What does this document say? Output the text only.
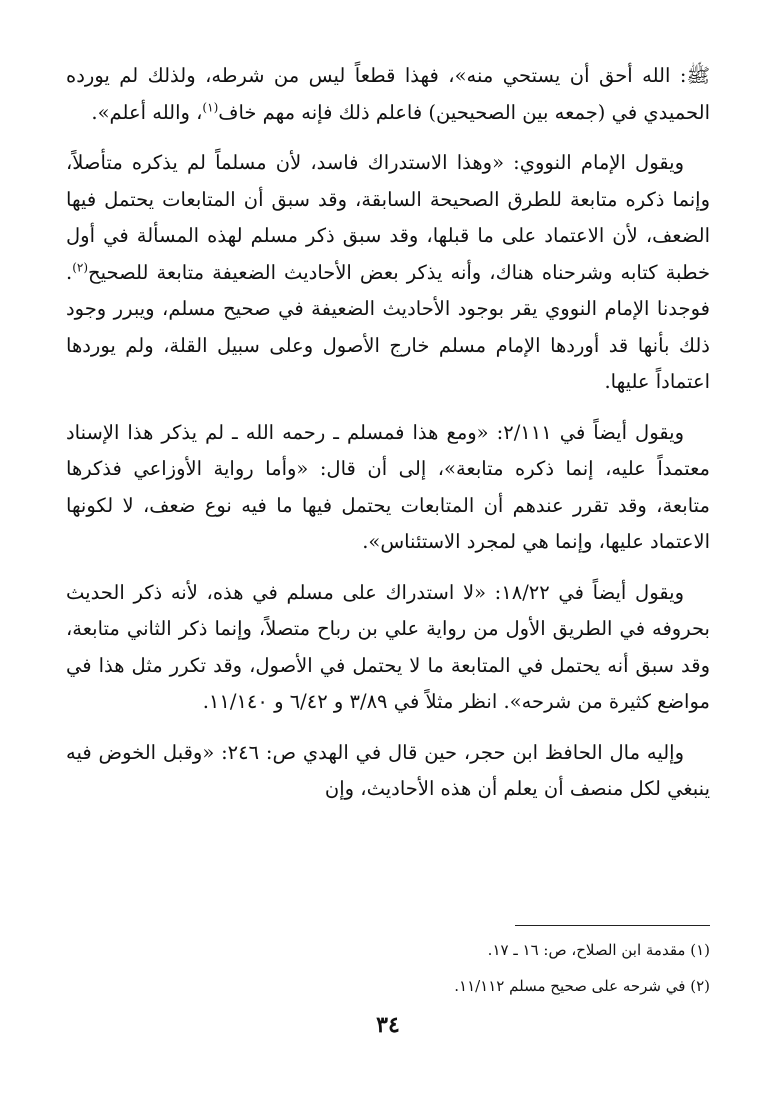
ﷺ: الله أحق أن يستحي منه»، فهذا قطعاً ليس من شرطه، ولذلك لم يورده الحميدي في (جمعه بين الصحيحين) فاعلم ذلك فإنه مهم خاف$^{(١)}$، والله أعلم».

ويقول الإمام النووي: «وهذا الاستدراك فاسد، لأن مسلماً لم يذكره متأصلاً، وإنما ذكره متابعة للطرق الصحيحة السابقة، وقد سبق أن المتابعات يحتمل فيها الضعف، لأن الاعتماد على ما قبلها، وقد سبق ذكر مسلم لهذه المسألة في أول خطبة كتابه وشرحناه هناك، وأنه يذكر بعض الأحاديث الضعيفة متابعة للصحيح$^{(٢)}$. فوجدنا الإمام النووي يقر بوجود الأحاديث الضعيفة في صحيح مسلم، ويبرر وجود ذلك بأنها قد أوردها الإمام مسلم خارج الأصول وعلى سبيل القلة، ولم يوردها اعتماداً عليها.

ويقول أيضاً في ٢/١١١: «ومع هذا فمسلم ـ رحمه الله ـ لم يذكر هذا الإسناد معتمداً عليه، إنما ذكره متابعة»، إلى أن قال: «وأما رواية الأوزاعي فذكرها متابعة، وقد تقرر عندهم أن المتابعات يحتمل فيها ما فيه نوع ضعف، لا لكونها الاعتماد عليها، وإنما هي لمجرد الاستئناس».

ويقول أيضاً في ١٨/٢٢: «لا استدراك على مسلم في هذه، لأنه ذكر الحديث بحروفه في الطريق الأول من رواية علي بن رباح متصلاً، وإنما ذكر الثاني متابعة، وقد سبق أنه يحتمل في المتابعة ما لا يحتمل في الأصول، وقد تكرر مثل هذا في مواضع كثيرة من شرحه». انظر مثلاً في ٣/٨٩ و ٦/٤٢ و ١١/١٤٠.

وإليه مال الحافظ ابن حجر، حين قال في الهدي ص: ٢٤٦: «وقبل الخوض فيه ينبغي لكل منصف أن يعلم أن هذه الأحاديث، وإن

(١) مقدمة ابن الصلاح، ص: ١٦ ـ ١٧.

(٢) في شرحه على صحيح مسلم ١١/١١٢.

٣٤
